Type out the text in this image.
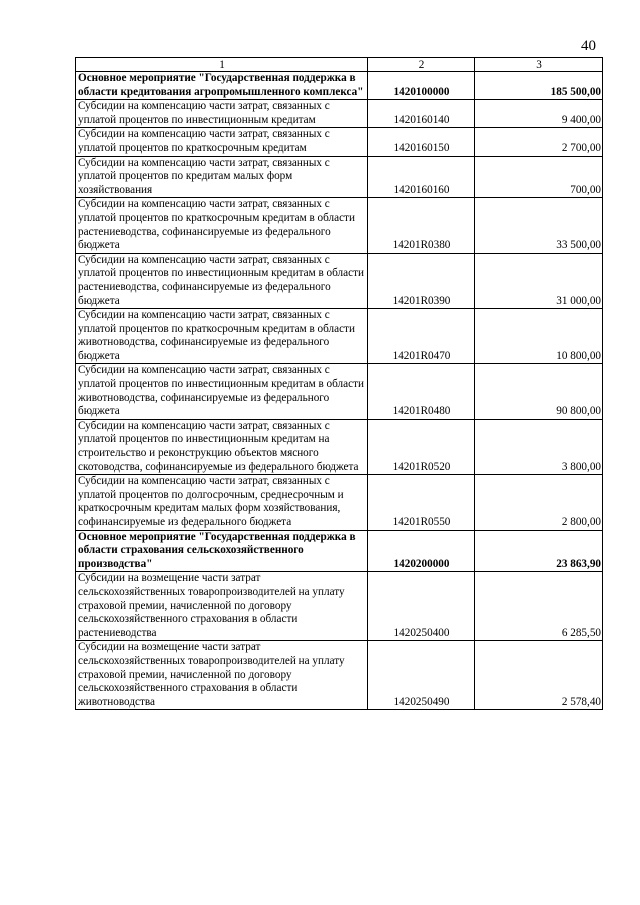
40
1	2	3
Основное мероприятие "Государственная поддержка в области кредитования агропромышленного комплекса"	1420100000	185 500,00
Субсидии на компенсацию части затрат, связанных с уплатой процентов по инвестиционным кредитам	1420160140	9 400,00
Субсидии на компенсацию части затрат, связанных с уплатой процентов по краткосрочным кредитам	1420160150	2 700,00
Субсидии на компенсацию части затрат, связанных с уплатой процентов по кредитам малых форм хозяйствования	1420160160	700,00
Субсидии на компенсацию части затрат, связанных с уплатой процентов по краткосрочным кредитам в области растениеводства, софинансируемые из федерального бюджета	14201R0380	33 500,00
Субсидии на компенсацию части затрат, связанных с уплатой процентов по инвестиционным кредитам в области растениеводства, софинансируемые из федерального бюджета	14201R0390	31 000,00
Субсидии на компенсацию части затрат, связанных с уплатой процентов по краткосрочным кредитам в области животноводства, софинансируемые из федерального бюджета	14201R0470	10 800,00
Субсидии на компенсацию части затрат, связанных с уплатой процентов по инвестиционным кредитам в области животноводства, софинансируемые из федерального бюджета	14201R0480	90 800,00
Субсидии на компенсацию части затрат, связанных с уплатой процентов по инвестиционным кредитам на строительство и реконструкцию объектов мясного скотоводства, софинансируемые из федерального бюджета	14201R0520	3 800,00
Субсидии на компенсацию части затрат, связанных с уплатой процентов по долгосрочным, среднесрочным и краткосрочным кредитам малых форм хозяйствования, софинансируемые из федерального бюджета	14201R0550	2 800,00
Основное мероприятие "Государственная поддержка в области страхования сельскохозяйственного производства"	1420200000	23 863,90
Субсидии на возмещение части затрат сельскохозяйственных товаропроизводителей на уплату страховой премии, начисленной по договору сельскохозяйственного страхования в области растениеводства	1420250400	6 285,50
Субсидии на возмещение части затрат сельскохозяйственных товаропроизводителей на уплату страховой премии, начисленной по договору сельскохозяйственного страхования в области животноводства	1420250490	2 578,40
